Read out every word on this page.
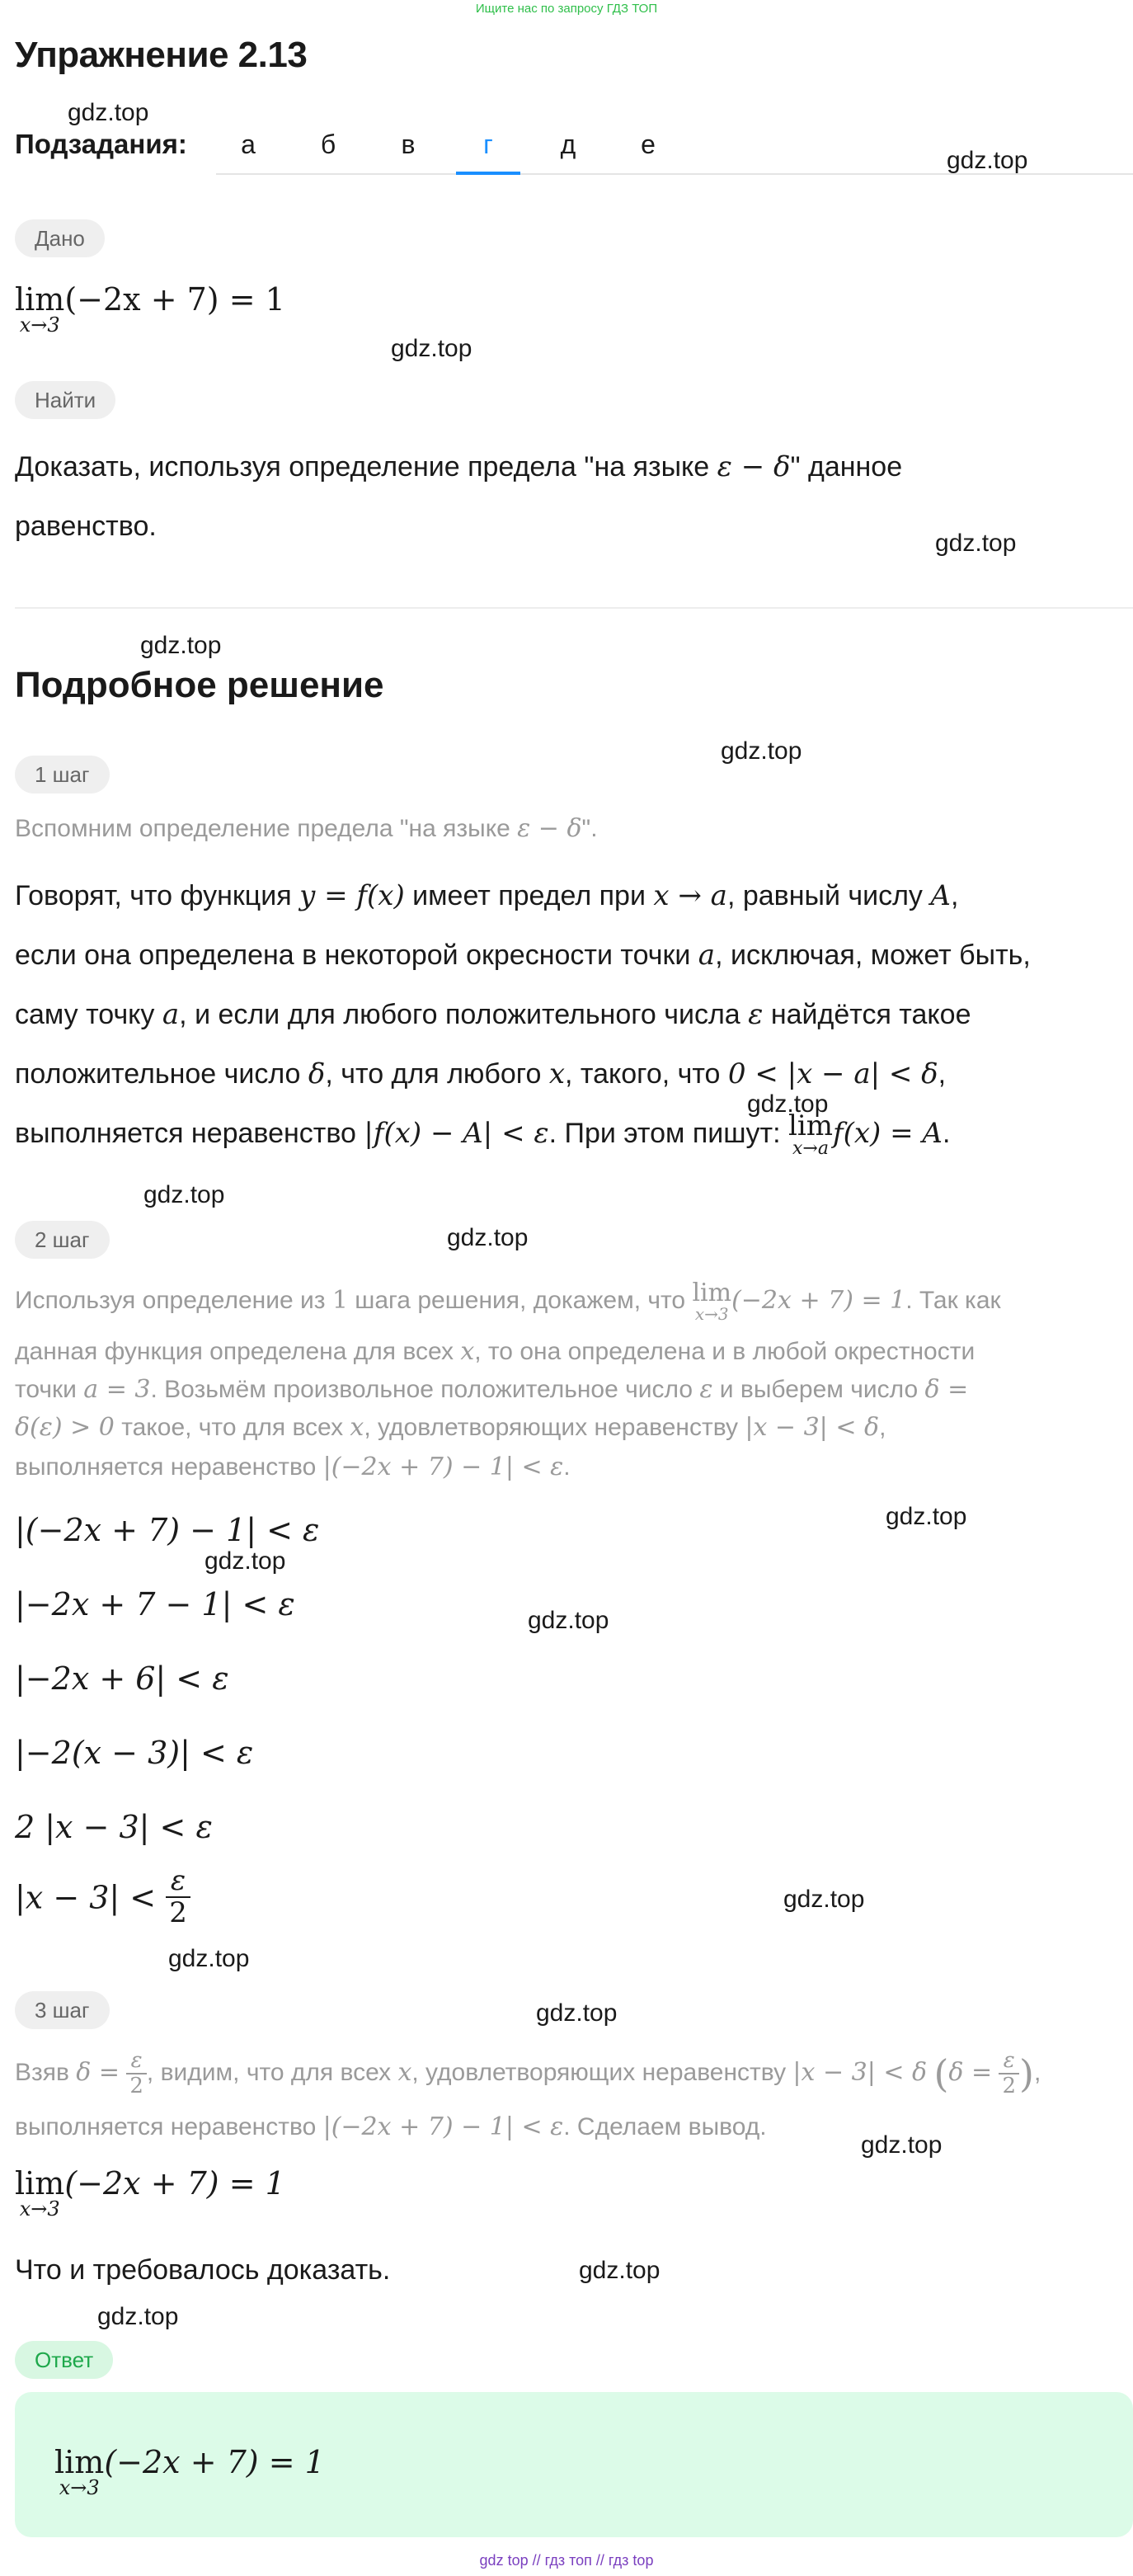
Ищите нас по запросу ГДЗ ТОП
Упражнение 2.13
gdz.top
Подзадания:	а	б	в	г	д	е
gdz.top
Дано
lim
x→3
(−2x + 7) = 1
gdz.top
Найти
Доказать, используя определение предела "на языке ε − δ" данное
равенство.
gdz.top
gdz.top
Подробное решение
gdz.top
1 шаг
Вспомним определение предела "на языке ε − δ".
Говорят, что функция y = f(x) имеет предел при x → a, равный числу A,
если она определена в некоторой окресности точки a, исключая, может быть,
саму точку a, и если для любого положительного числа ε найдётся такое
положительное число δ, что для любого x, такого, что 0 < |x − a| < δ,
gdz.top
выполняется неравенство |f(x) − A| < ε. При этом пишут: lim
x→a f(x) = A.
gdz.top
2 шаг	gdz.top
Используя определение из 1 шага решения, докажем, что lim
x→3 (−2x + 7) = 1. Так как
данная функция определена для всех x, то она определена и в любой окрестности
точки a = 3. Возьмём произвольное положительное число ε и выберем число δ =
δ(ε) > 0 такое, что для всех x, удовлетворяющих неравенству |x − 3| < δ,
выполняется неравенство |(−2x + 7) − 1| < ε.
gdz.top
|(−2x + 7) − 1| < ε
gdz.top
|−2x + 7 − 1| < ε	gdz.top
|−2x + 6| < ε
|−2(x − 3)| < ε
2 |x − 3| < ε
$|x - 3| < \frac{\varepsilon}{2}$	gdz.top
gdz.top
3 шаг	gdz.top
Взяв $\delta = \frac{\varepsilon}{2}$ , видим, что для всех x, удовлетворяющих неравенству |x − 3| < δ ($\delta = \frac{\varepsilon}{2}$ ),
выполняется неравенство |(−2x + 7) − 1| < ε. Сделаем вывод.
gdz.top
lim
x→3
(−2x + 7) = 1
Что и требовалось доказать.	gdz.top
gdz.top
Ответ
lim
x→3
(−2x + 7) = 1
gdz top // гдз топ // гдз top
